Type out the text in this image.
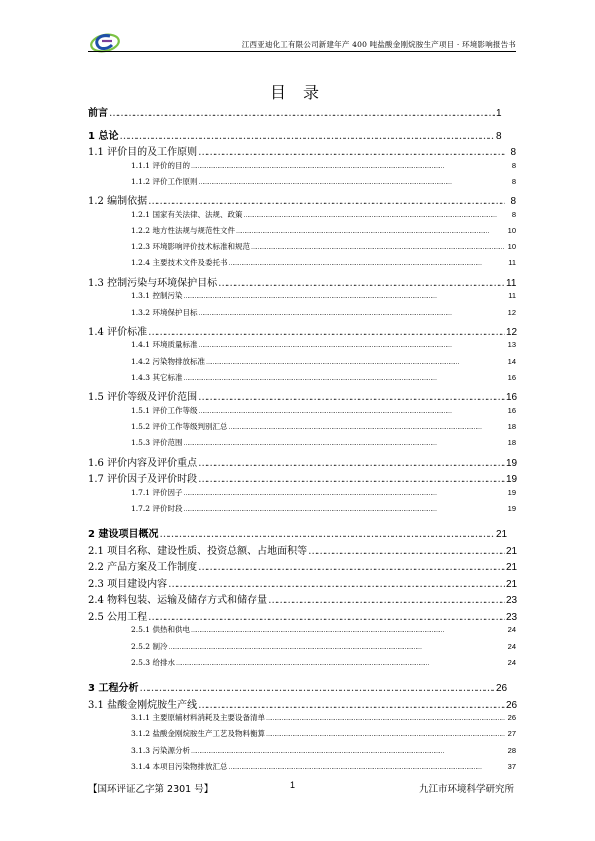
江西亚迪化工有限公司新建年产 400 吨盐酸金刚烷胺生产项目 · 环境影响报告书
目 录
前言 ……………………………………………………………………………………………………………………………………………………	1
1 总论 ……………………………………………………………………………………………………………………………………………………	8
1.1 评价目的及工作原则 ……………………………………………………………………………………………………………………………………………………	8
1.1.1 评价的目的 ……………………………………………………………………………………………………………………………………………………	8
1.1.2 评价工作原则 ……………………………………………………………………………………………………………………………………………………	8
1.2 编制依据 ……………………………………………………………………………………………………………………………………………………	8
1.2.1 国家有关法律、法规、政策 ……………………………………………………………………………………………………………………………………………………	8
1.2.2 地方性法规与规范性文件 ……………………………………………………………………………………………………………………………………………………	10
1.2.3 环境影响评价技术标准和规范 ……………………………………………………………………………………………………………………………………………………	10
1.2.4 主要技术文件及委托书 ……………………………………………………………………………………………………………………………………………………	11
1.3 控制污染与环境保护目标 ……………………………………………………………………………………………………………………………………………………	11
1.3.1 控制污染 ……………………………………………………………………………………………………………………………………………………	11
1.3.2 环境保护目标 ……………………………………………………………………………………………………………………………………………………	12
1.4 评价标准 ……………………………………………………………………………………………………………………………………………………	12
1.4.1 环境质量标准 ……………………………………………………………………………………………………………………………………………………	13
1.4.2 污染物排放标准 ……………………………………………………………………………………………………………………………………………………	14
1.4.3 其它标准 ……………………………………………………………………………………………………………………………………………………	16
1.5 评价等级及评价范围 ……………………………………………………………………………………………………………………………………………………	16
1.5.1 评价工作等级 ……………………………………………………………………………………………………………………………………………………	16
1.5.2 评价工作等级判别汇总 ……………………………………………………………………………………………………………………………………………………	18
1.5.3 评价范围 ……………………………………………………………………………………………………………………………………………………	18
1.6 评价内容及评价重点 ……………………………………………………………………………………………………………………………………………………	19
1.7 评价因子及评价时段 ……………………………………………………………………………………………………………………………………………………	19
1.7.1 评价因子 ……………………………………………………………………………………………………………………………………………………	19
1.7.2 评价时段 ……………………………………………………………………………………………………………………………………………………	19
2 建设项目概况 ……………………………………………………………………………………………………………………………………………………	21
2.1 项目名称、建设性质、投资总额、占地面积等 ……………………………………………………………………………………………………………………………………………………	21
2.2 产品方案及工作制度 ……………………………………………………………………………………………………………………………………………………	21
2.3 项目建设内容 ……………………………………………………………………………………………………………………………………………………	21
2.4 物料包装、运输及储存方式和储存量 ……………………………………………………………………………………………………………………………………………………	23
2.5 公用工程 ……………………………………………………………………………………………………………………………………………………	23
2.5.1 供热和供电 ……………………………………………………………………………………………………………………………………………………	24
2.5.2 制冷 ……………………………………………………………………………………………………………………………………………………	24
2.5.3 给排水 ……………………………………………………………………………………………………………………………………………………	24
3 工程分析 ……………………………………………………………………………………………………………………………………………………	26
3.1 盐酸金刚烷胺生产线 ……………………………………………………………………………………………………………………………………………………	26
3.1.1 主要原辅材料消耗及主要设备清单 ……………………………………………………………………………………………………………………………………………………	26
3.1.2 盐酸金刚烷胺生产工艺及物料衡算 ……………………………………………………………………………………………………………………………………………………	27
3.1.3 污染源分析 ……………………………………………………………………………………………………………………………………………………	28
3.1.4 本项目污染物排放汇总 ……………………………………………………………………………………………………………………………………………………	37
【国环评证乙字第 2301 号】	1	九江市环境科学研究所
